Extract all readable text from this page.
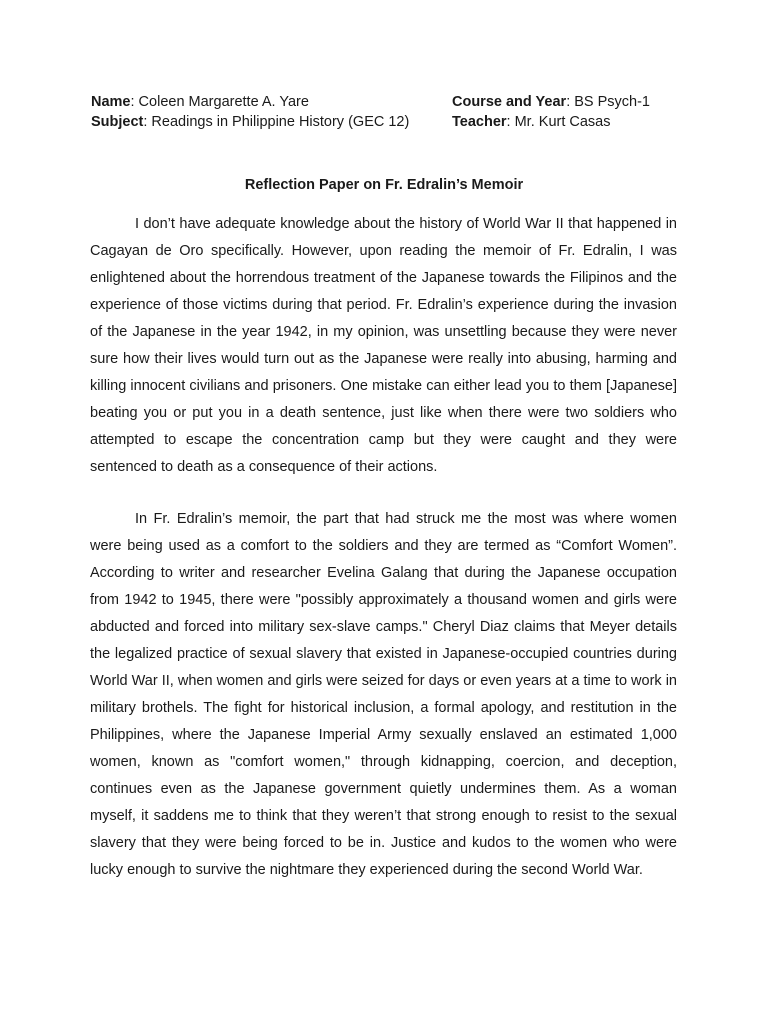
Name: Coleen Margarette A. Yare	Course and Year: BS Psych-1
Subject: Readings in Philippine History (GEC 12)	Teacher: Mr. Kurt Casas
Reflection Paper on Fr. Edralin’s Memoir

I don’t have adequate knowledge about the history of World War II that happened in Cagayan de Oro specifically. However, upon reading the memoir of Fr. Edralin, I was enlightened about the horrendous treatment of the Japanese towards the Filipinos and the experience of those victims during that period. Fr. Edralin’s experience during the invasion of the Japanese in the year 1942, in my opinion, was unsettling because they were never sure how their lives would turn out as the Japanese were really into abusing, harming and killing innocent civilians and prisoners. One mistake can either lead you to them [Japanese] beating you or put you in a death sentence, just like when there were two soldiers who attempted to escape the concentration camp but they were caught and they were sentenced to death as a consequence of their actions.

In Fr. Edralin’s memoir, the part that had struck me the most was where women were being used as a comfort to the soldiers and they are termed as “Comfort Women”. According to writer and researcher Evelina Galang that during the Japanese occupation from 1942 to 1945, there were "possibly approximately a thousand women and girls were abducted and forced into military sex-slave camps." Cheryl Diaz claims that Meyer details the legalized practice of sexual slavery that existed in Japanese-occupied countries during World War II, when women and girls were seized for days or even years at a time to work in military brothels. The fight for historical inclusion, a formal apology, and restitution in the Philippines, where the Japanese Imperial Army sexually enslaved an estimated 1,000 women, known as "comfort women," through kidnapping, coercion, and deception, continues even as the Japanese government quietly undermines them. As a woman myself, it saddens me to think that they weren’t that strong enough to resist to the sexual slavery that they were being forced to be in. Justice and kudos to the women who were lucky enough to survive the nightmare they experienced during the second World War.
